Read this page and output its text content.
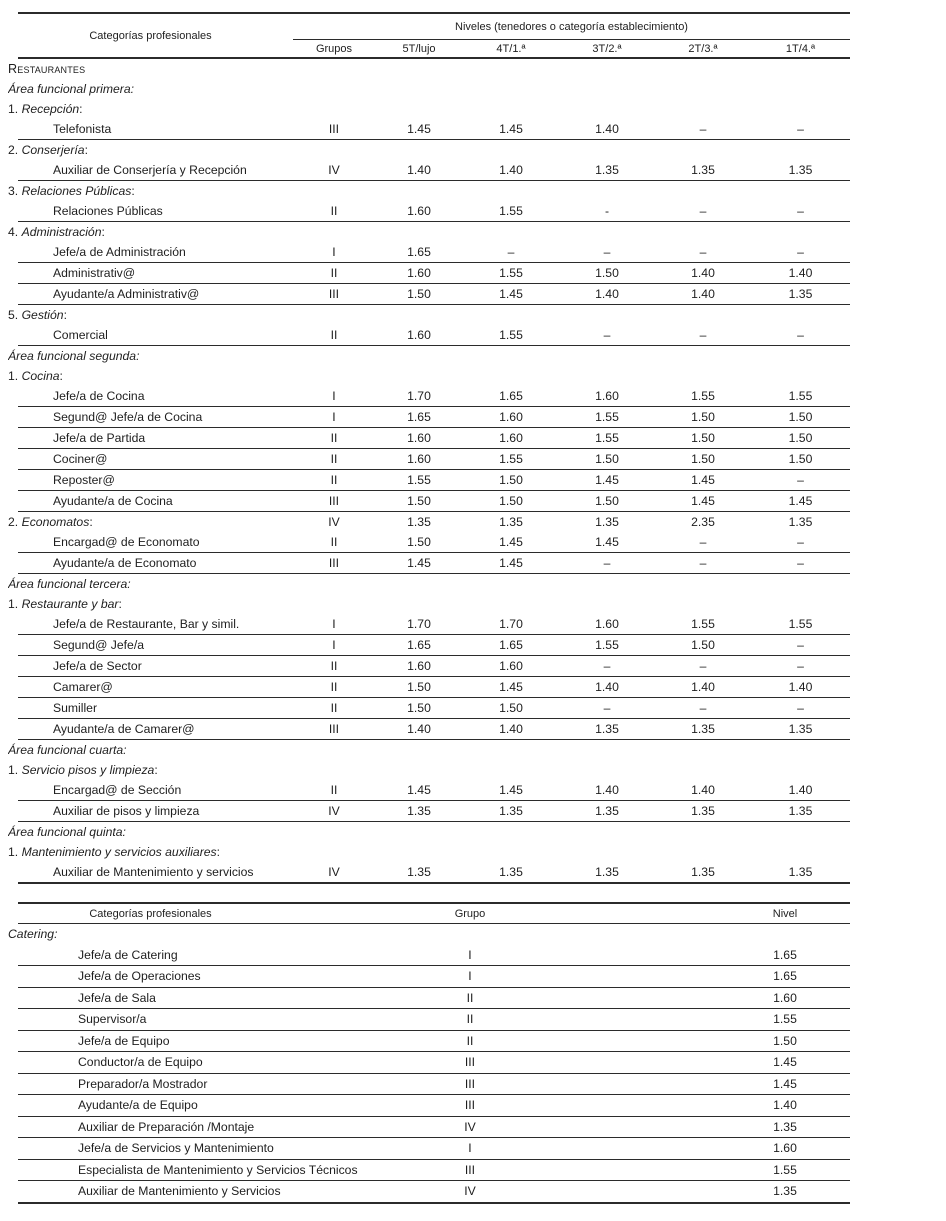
Categorías profesionales
Niveles (tenedores o categoría establecimiento)
Grupos	5T/lujo	4T/1.ª	3T/2.ª	2T/3.ª	1T/4.ª
Restaurantes
Área funcional primera:
1. Recepción:
Telefonista	III	1.45	1.45	1.40	–	–
2. Conserjería:
Auxiliar de Conserjería y Recepción	IV	1.40	1.40	1.35	1.35	1.35
3. Relaciones Públicas:
Relaciones Públicas	II	1.60	1.55	-	–	–
4. Administración:
Jefe/a de Administración	I	1.65	–	–	–	–
Administrativ@	II	1.60	1.55	1.50	1.40	1.40
Ayudante/a Administrativ@	III	1.50	1.45	1.40	1.40	1.35
5. Gestión:
Comercial	II	1.60	1.55	–	–	–
Área funcional segunda:
1. Cocina:
Jefe/a de Cocina	I	1.70	1.65	1.60	1.55	1.55
Segund@ Jefe/a de Cocina	I	1.65	1.60	1.55	1.50	1.50
Jefe/a de Partida	II	1.60	1.60	1.55	1.50	1.50
Cociner@	II	1.60	1.55	1.50	1.50	1.50
Reposter@	II	1.55	1.50	1.45	1.45	–
Ayudante/a de Cocina	III	1.50	1.50	1.50	1.45	1.45
2. Economatos:	IV	1.35	1.35	1.35	2.35	1.35
Encargad@ de Economato	II	1.50	1.45	1.45	–	–
Ayudante/a de Economato	III	1.45	1.45	–	–	–
Área funcional tercera:
1. Restaurante y bar:
Jefe/a de Restaurante, Bar y simil.	I	1.70	1.70	1.60	1.55	1.55
Segund@ Jefe/a	I	1.65	1.65	1.55	1.50	–
Jefe/a de Sector	II	1.60	1.60	–	–	–
Camarer@	II	1.50	1.45	1.40	1.40	1.40
Sumiller	II	1.50	1.50	–	–	–
Ayudante/a de Camarer@	III	1.40	1.40	1.35	1.35	1.35
Área funcional cuarta:
1. Servicio pisos y limpieza:
Encargad@ de Sección	II	1.45	1.45	1.40	1.40	1.40
Auxiliar de pisos y limpieza	IV	1.35	1.35	1.35	1.35	1.35
Área funcional quinta:
1. Mantenimiento y servicios auxiliares:
Auxiliar de Mantenimiento y servicios	IV	1.35	1.35	1.35	1.35	1.35
Categorías profesionales	Grupo	Nivel
Catering:
Jefe/a de Catering	I	1.65
Jefe/a de Operaciones	I	1.65
Jefe/a de Sala	II	1.60
Supervisor/a	II	1.55
Jefe/a de Equipo	II	1.50
Conductor/a de Equipo	III	1.45
Preparador/a Mostrador	III	1.45
Ayudante/a de Equipo	III	1.40
Auxiliar de Preparación /Montaje	IV	1.35
Jefe/a de Servicios y Mantenimiento	I	1.60
Especialista de Mantenimiento y Servicios Técnicos	III	1.55
Auxiliar de Mantenimiento y Servicios	IV	1.35
